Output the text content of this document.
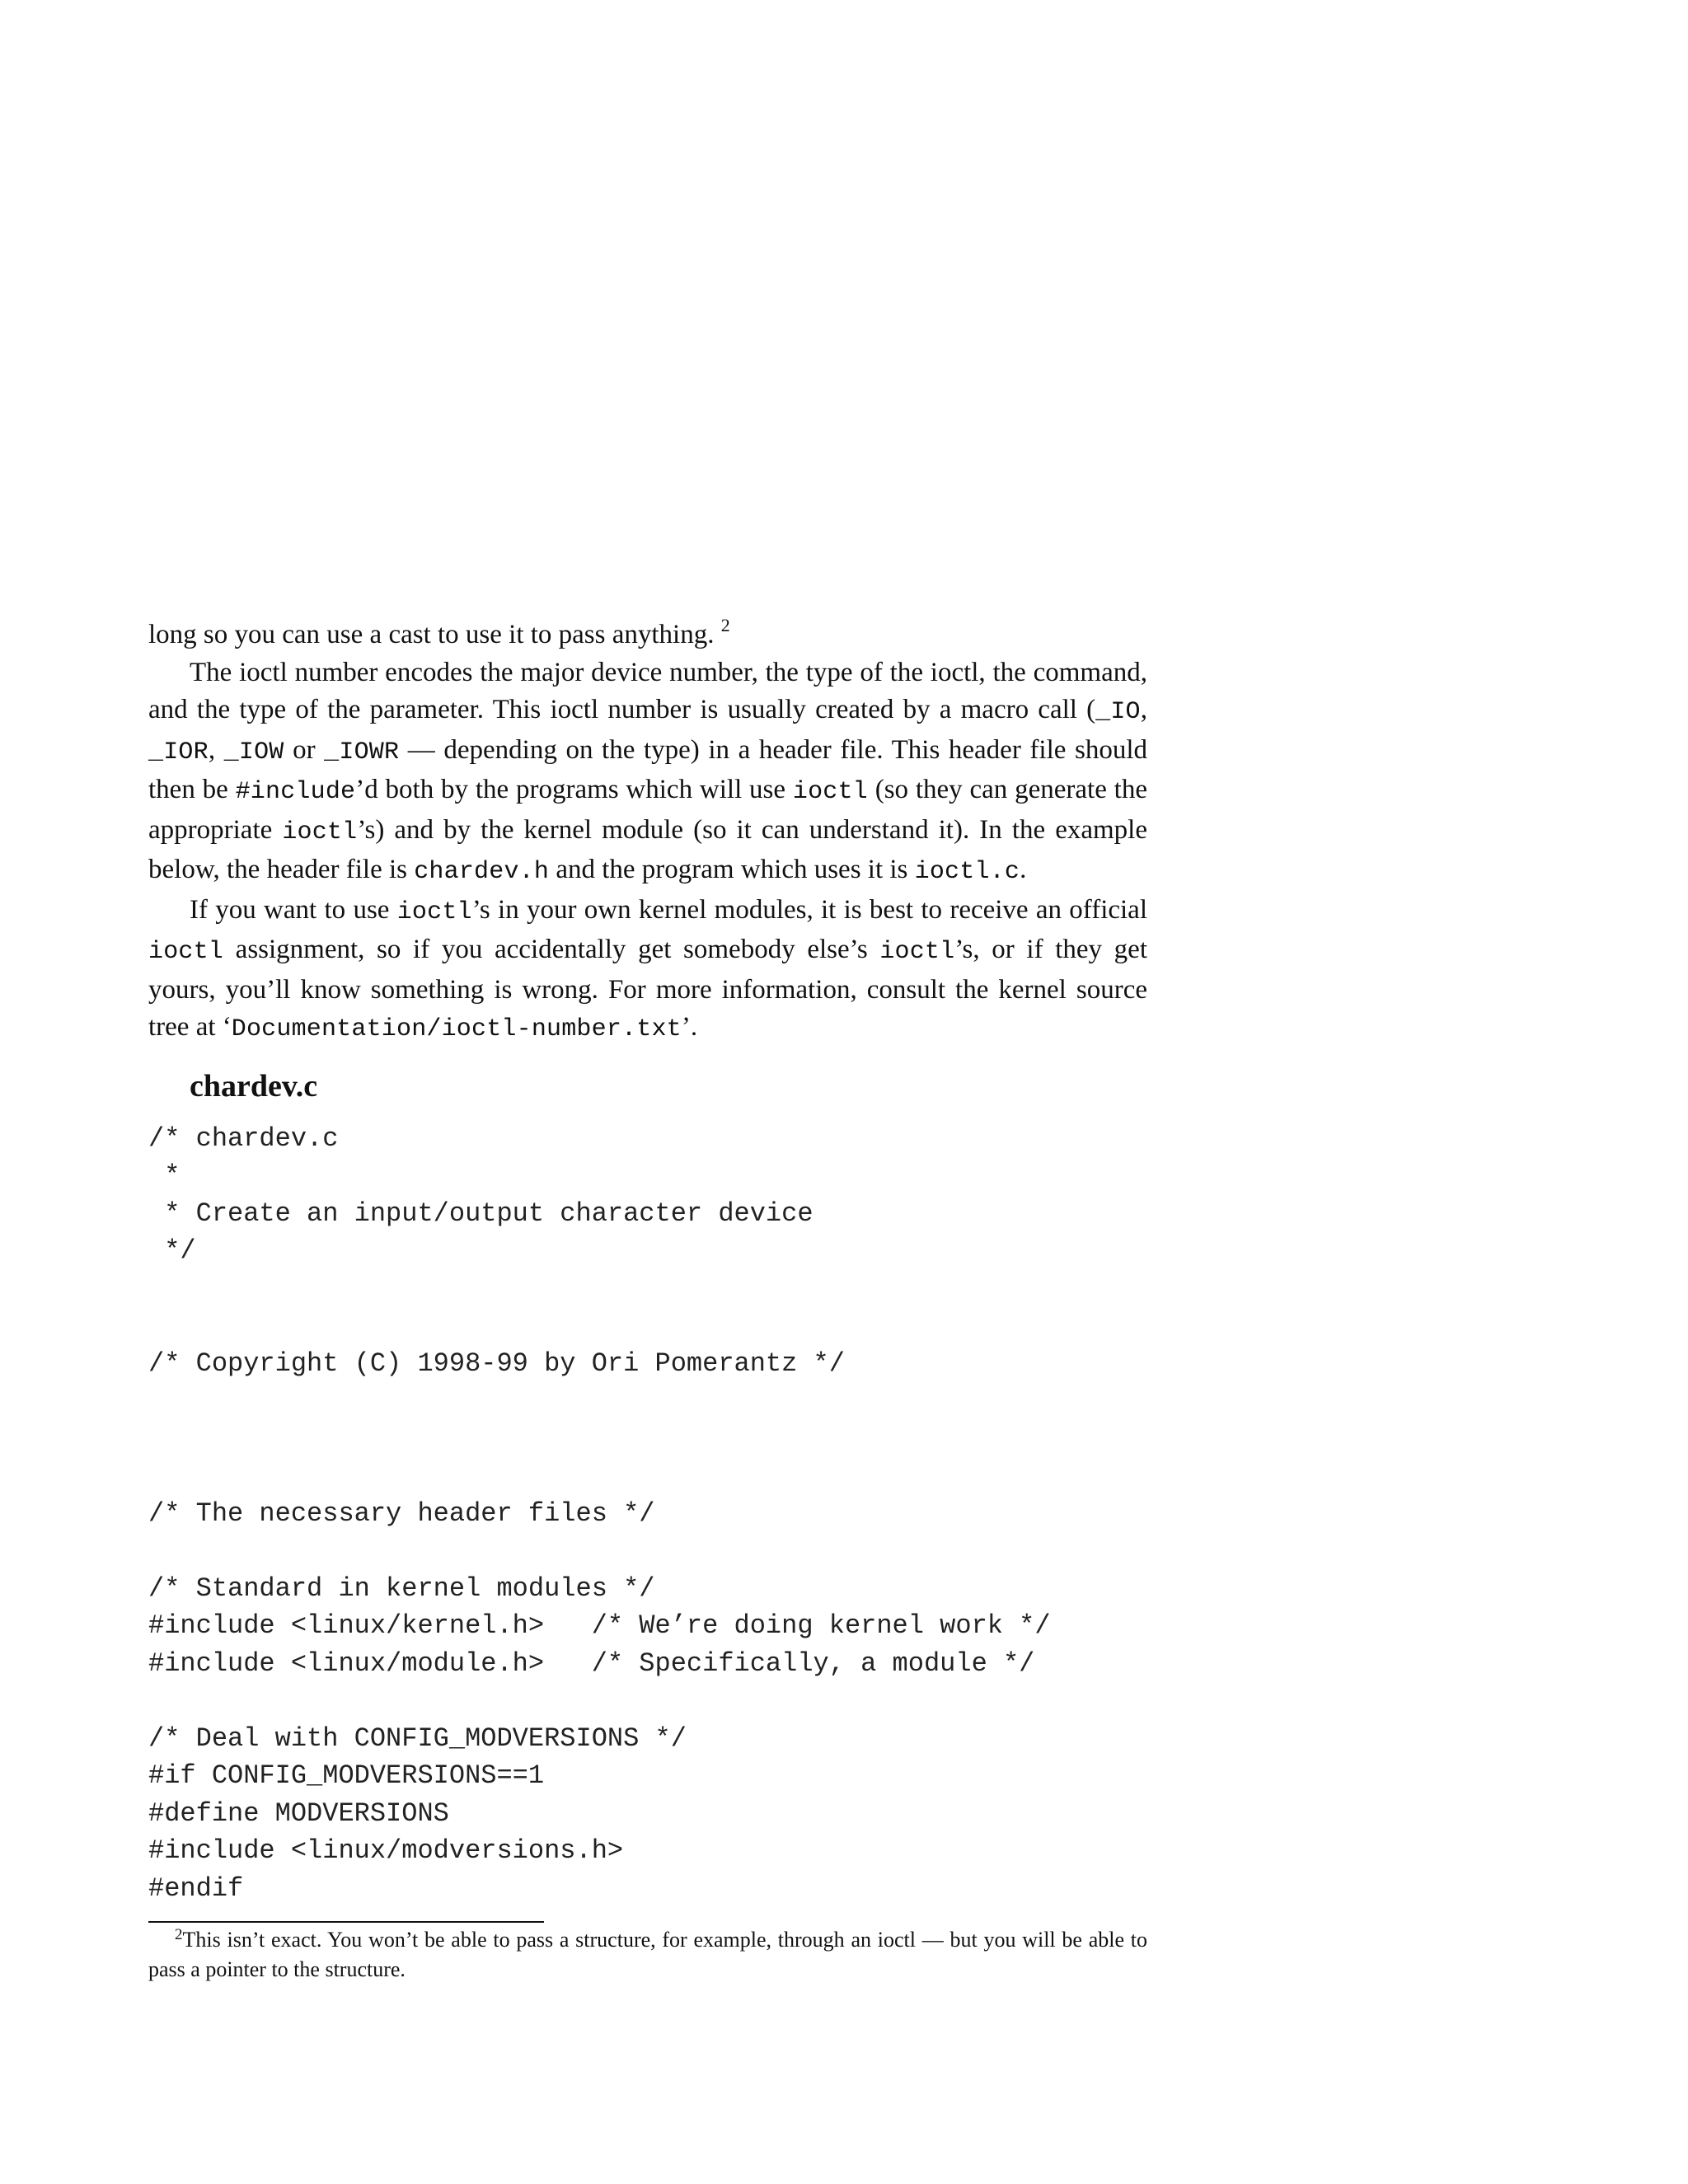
long so you can use a cast to use it to pass anything. $^2$

The ioctl number encodes the major device number, the type of the ioctl, the command, and the type of the parameter. This ioctl number is usually created by a macro call (_IO, _IOR, _IOW or _IOWR — depending on the type) in a header file. This header file should then be #include’d both by the programs which will use ioctl (so they can generate the appropriate ioctl’s) and by the kernel module (so it can understand it). In the example below, the header file is chardev.h and the program which uses it is ioctl.c.

If you want to use ioctl’s in your own kernel modules, it is best to receive an official ioctl assignment, so if you accidentally get somebody else’s ioctl’s, or if they get yours, you’ll know something is wrong. For more information, consult the kernel source tree at ‘Documentation/ioctl-number.txt’.

chardev.c
/* chardev.c
*
* Create an input/output character device
*/

/* Copyright (C) 1998-99 by Ori Pomerantz */

/* The necessary header files */

/* Standard in kernel modules */
#include <linux/kernel.h>   /* We’re doing kernel work */
#include <linux/module.h>   /* Specifically, a module */

/* Deal with CONFIG_MODVERSIONS */
#if CONFIG_MODVERSIONS==1
#define MODVERSIONS
#include <linux/modversions.h>
#endif

$^2$This isn’t exact. You won’t be able to pass a structure, for example, through an ioctl — but you will be able to pass a pointer to the structure.
